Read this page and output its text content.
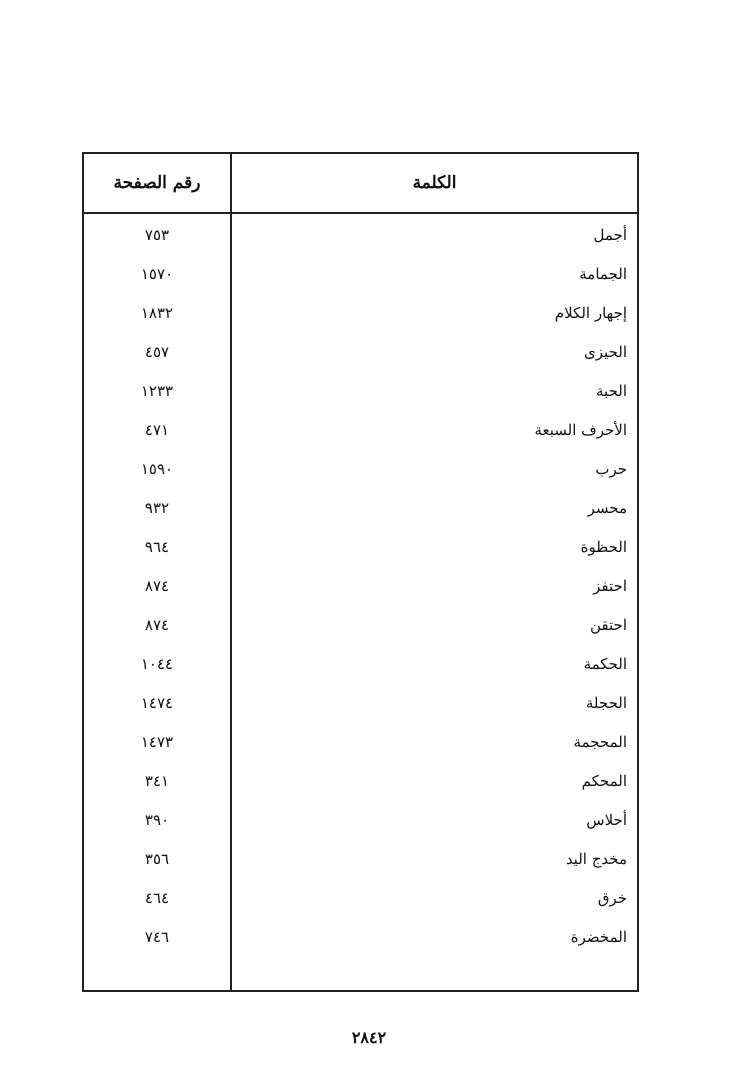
الكلمة
رقم الصفحة
أجمل
٧٥٣
الجمامة
١٥٧٠
إجهار الكلام
١٨٣٢
الحيزى
٤٥٧
الحبة
١٢٣٣
الأحرف السبعة
٤٧١
حرب
١٥٩٠
محسر
٩٣٢
الحظوة
٩٦٤
احتفز
٨٧٤
احتقن
٨٧٤
الحكمة
١٠٤٤
الحجلة
١٤٧٤
المحجمة
١٤٧٣
المحكم
٣٤١
أحلاس
٣٩٠
مخدج اليد
٣٥٦
خرق
٤٦٤
المخضرة
٧٤٦
٢٨٤٢
